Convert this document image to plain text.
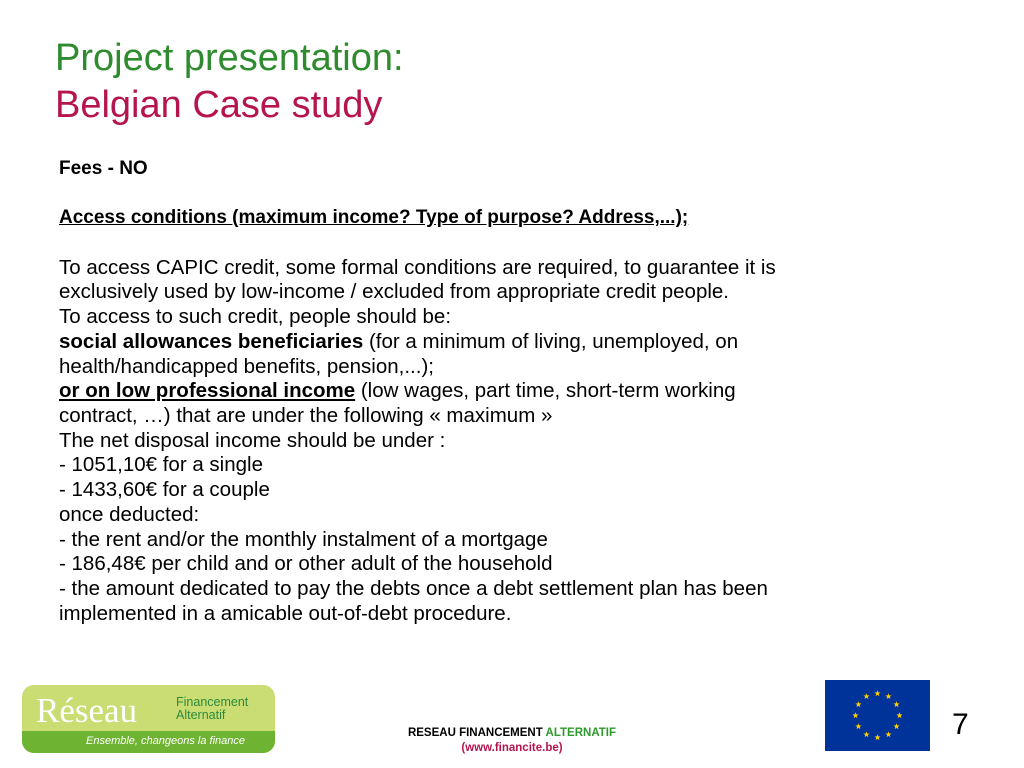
Project presentation:
Belgian Case study
Fees - NO
Access conditions (maximum income? Type of purpose? Address,...);
To access CAPIC credit, some formal conditions are required, to guarantee it is
exclusively used by low-income / excluded from appropriate credit people.
To access to such credit, people should be:
social allowances beneficiaries (for a minimum of living, unemployed, on
health/handicapped benefits, pension,...);
or on low professional income (low wages, part time, short-term working
contract, …) that are under the following « maximum »
The net disposal income should be under :
- 1051,10€ for a single
- 1433,60€ for a couple
once deducted:
- the rent and/or the monthly instalment of a mortgage
- 186,48€ per child and or other adult of the household
- the amount dedicated to pay the debts once a debt settlement plan has been
implemented in a amicable out-of-debt procedure.
Réseau	Financement
Alternatif
Ensemble, changeons la finance
RESEAU FINANCEMENT ALTERNATIF
(www.financite.be)
7
